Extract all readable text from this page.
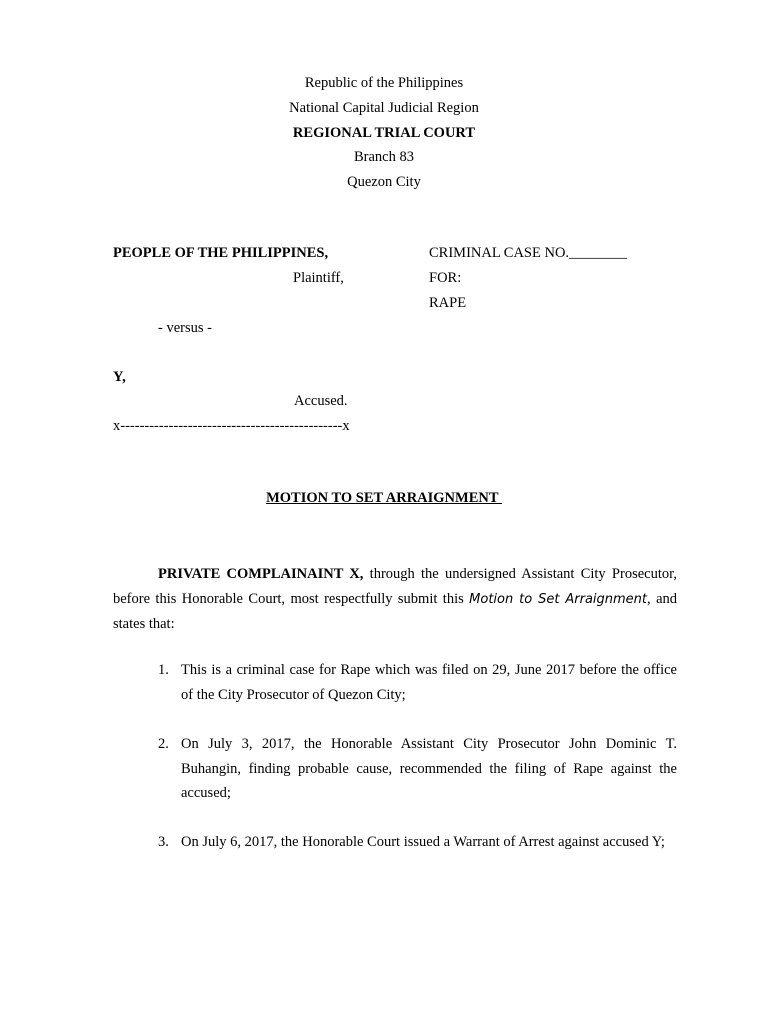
Republic of the Philippines
National Capital Judicial Region
REGIONAL TRIAL COURT
Branch 83
Quezon City
PEOPLE OF THE PHILIPPINES,
Plaintiff,
- versus -
Y,
Accused.
x----------------------------------------------x
CRIMINAL CASE NO.________
FOR:
RAPE
MOTION TO SET ARRAIGNMENT
PRIVATE COMPLAINAINT X, through the undersigned Assistant City Prosecutor, before this Honorable Court, most respectfully submit this Motion to Set Arraignment, and states that:
1. This is a criminal case for Rape which was filed on 29, June 2017 before the office of the City Prosecutor of Quezon City;
2. On July 3, 2017, the Honorable Assistant City Prosecutor John Dominic T. Buhangin, finding probable cause, recommended the filing of Rape against the accused;
3. On July 6, 2017, the Honorable Court issued a Warrant of Arrest against accused Y;
